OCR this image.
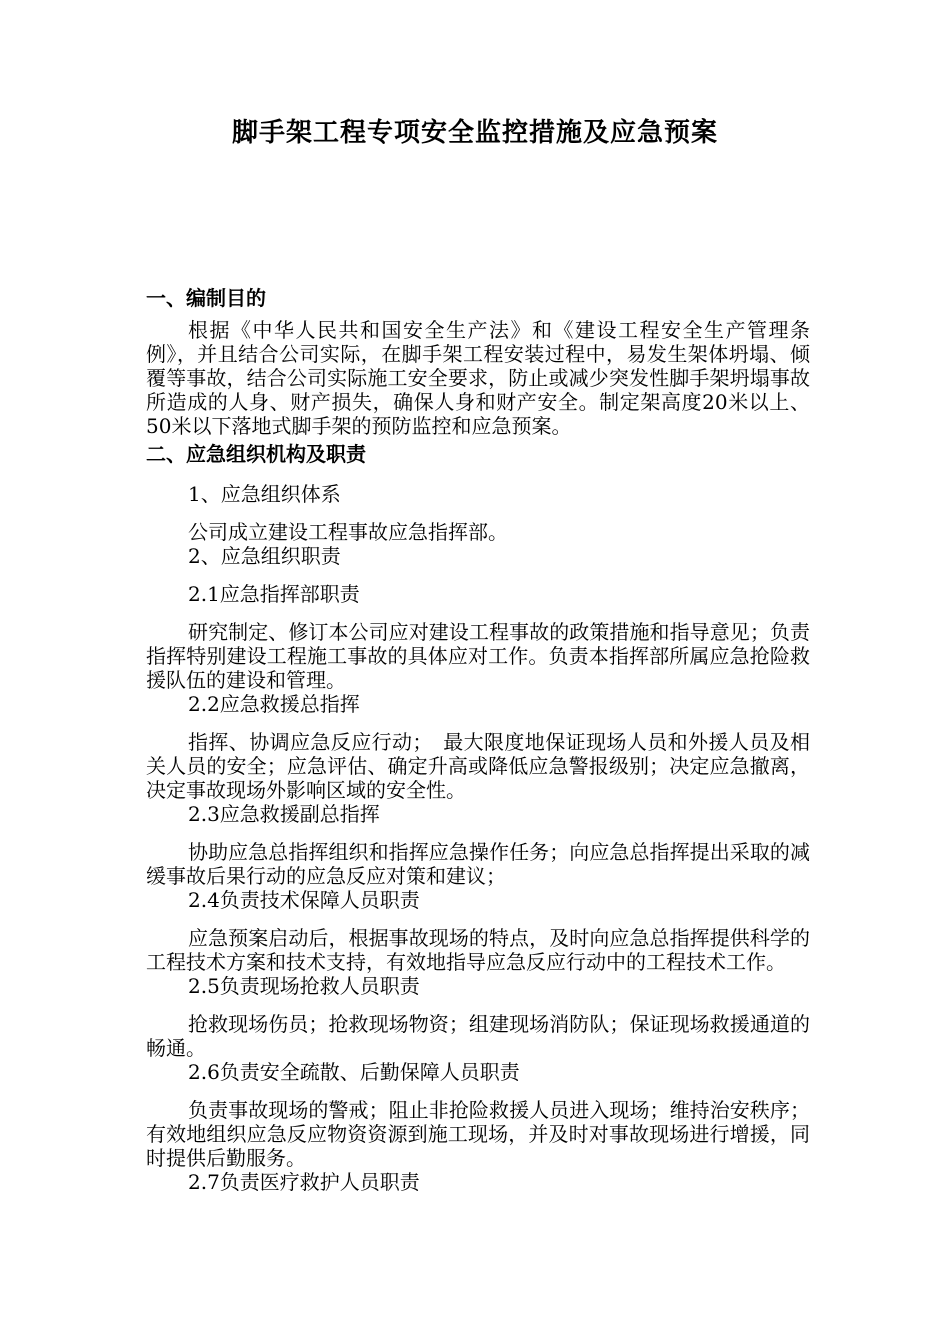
脚手架工程专项安全监控措施及应急预案

一、编制目的

根据《中华人民共和国安全生产法》和《建设工程安全生产管理条例》，并且结合公司实际，在脚手架工程安装过程中，易发生架体坍塌、倾覆等事故，结合公司实际施工安全要求，防止或减少突发性脚手架坍塌事故所造成的人身、财产损失，确保人身和财产安全。制定架高度20米以上、50米以下落地式脚手架的预防监控和应急预案。

二、应急组织机构及职责

1、应急组织体系

公司成立建设工程事故应急指挥部。

2、应急组织职责

2.1应急指挥部职责

研究制定、修订本公司应对建设工程事故的政策措施和指导意见；负责指挥特别建设工程施工事故的具体应对工作。负责本指挥部所属应急抢险救援队伍的建设和管理。

2.2应急救援总指挥

指挥、协调应急反应行动；　最大限度地保证现场人员和外援人员及相关人员的安全；应急评估、确定升高或降低应急警报级别；决定应急撤离，决定事故现场外影响区域的安全性。

2.3应急救援副总指挥

协助应急总指挥组织和指挥应急操作任务；向应急总指挥提出采取的减缓事故后果行动的应急反应对策和建议；

2.4负责技术保障人员职责

应急预案启动后，根据事故现场的特点，及时向应急总指挥提供科学的工程技术方案和技术支持，有效地指导应急反应行动中的工程技术工作。

2.5负责现场抢救人员职责

抢救现场伤员；抢救现场物资；组建现场消防队；保证现场救援通道的畅通。

2.6负责安全疏散、后勤保障人员职责

负责事故现场的警戒；阻止非抢险救援人员进入现场；维持治安秩序；有效地组织应急反应物资资源到施工现场，并及时对事故现场进行增援，同时提供后勤服务。

2.7负责医疗救护人员职责
